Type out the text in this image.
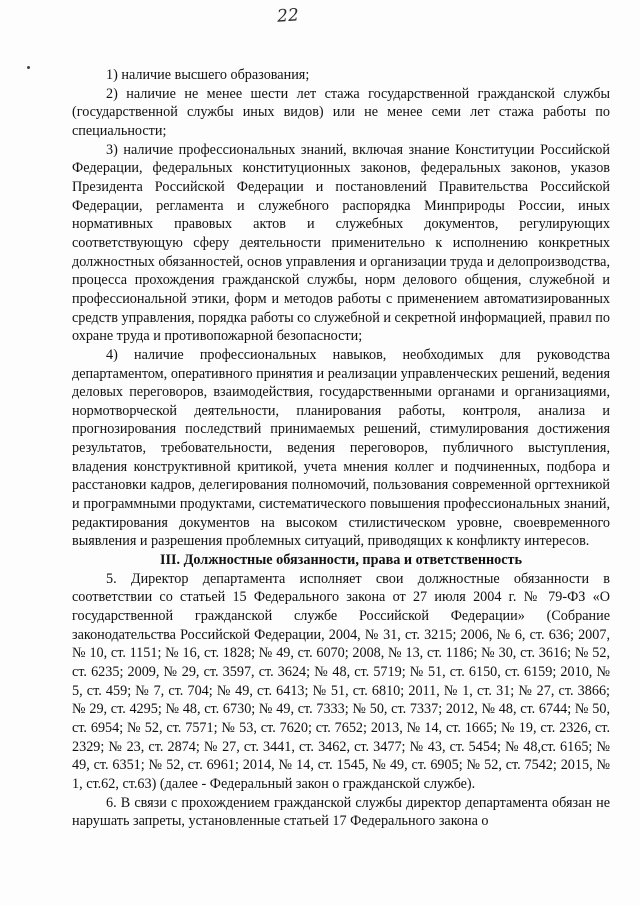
22

1) наличие высшего образования;

2) наличие не менее шести лет стажа государственной гражданской службы (государственной службы иных видов) или не менее семи лет стажа работы по специальности;

3) наличие профессиональных знаний, включая знание Конституции Российской Федерации, федеральных конституционных законов, федеральных законов, указов Президента Российской Федерации и постановлений Правительства Российской Федерации, регламента и служебного распорядка Минприроды России, иных нормативных правовых актов и служебных документов, регулирующих соответствующую сферу деятельности применительно к исполнению конкретных должностных обязанностей, основ управления и организации труда и делопроизводства, процесса прохождения гражданской службы, норм делового общения, служебной и профессиональной этики, форм и методов работы с применением автоматизированных средств управления, порядка работы со служебной и секретной информацией, правил по охране труда и противопожарной безопасности;

4) наличие профессиональных навыков, необходимых для руководства департаментом, оперативного принятия и реализации управленческих решений, ведения деловых переговоров, взаимодействия, государственными органами и организациями, нормотворческой деятельности, планирования работы, контроля, анализа и прогнозирования последствий принимаемых решений, стимулирования достижения результатов, требовательности, ведения переговоров, публичного выступления, владения конструктивной критикой, учета мнения коллег и подчиненных, подбора и расстановки кадров, делегирования полномочий, пользования современной оргтехникой и программными продуктами, систематического повышения профессиональных знаний, редактирования документов на высоком стилистическом уровне, своевременного выявления и разрешения проблемных ситуаций, приводящих к конфликту интересов.

III. Должностные обязанности, права и ответственность

5. Директор департамента исполняет свои должностные обязанности в соответствии со статьей 15 Федерального закона от 27 июля 2004 г. № 79-ФЗ «О государственной гражданской службе Российской Федерации» (Собрание законодательства Российской Федерации, 2004, № 31, ст. 3215; 2006, № 6, ст. 636; 2007, № 10, ст. 1151; № 16, ст. 1828; № 49, ст. 6070; 2008, № 13, ст. 1186; № 30, ст. 3616; № 52, ст. 6235; 2009, № 29, ст. 3597, ст. 3624; № 48, ст. 5719; № 51, ст. 6150, ст. 6159; 2010, № 5, ст. 459; № 7, ст. 704; № 49, ст. 6413; № 51, ст. 6810; 2011, № 1, ст. 31; № 27, ст. 3866; № 29, ст. 4295; № 48, ст. 6730; № 49, ст. 7333; № 50, ст. 7337; 2012, № 48, ст. 6744; № 50, ст. 6954; № 52, ст. 7571; № 53, ст. 7620; ст. 7652; 2013, № 14, ст. 1665; № 19, ст. 2326, ст. 2329; № 23, ст. 2874; № 27, ст. 3441, ст. 3462, ст. 3477; № 43, ст. 5454; № 48,ст. 6165; № 49, ст. 6351; № 52, ст. 6961; 2014, № 14, ст. 1545, № 49, ст. 6905; № 52, ст. 7542; 2015, № 1, ст.62, ст.63) (далее - Федеральный закон о гражданской службе).

6. В связи с прохождением гражданской службы директор департамента обязан не нарушать запреты, установленные статьей 17 Федерального закона о
